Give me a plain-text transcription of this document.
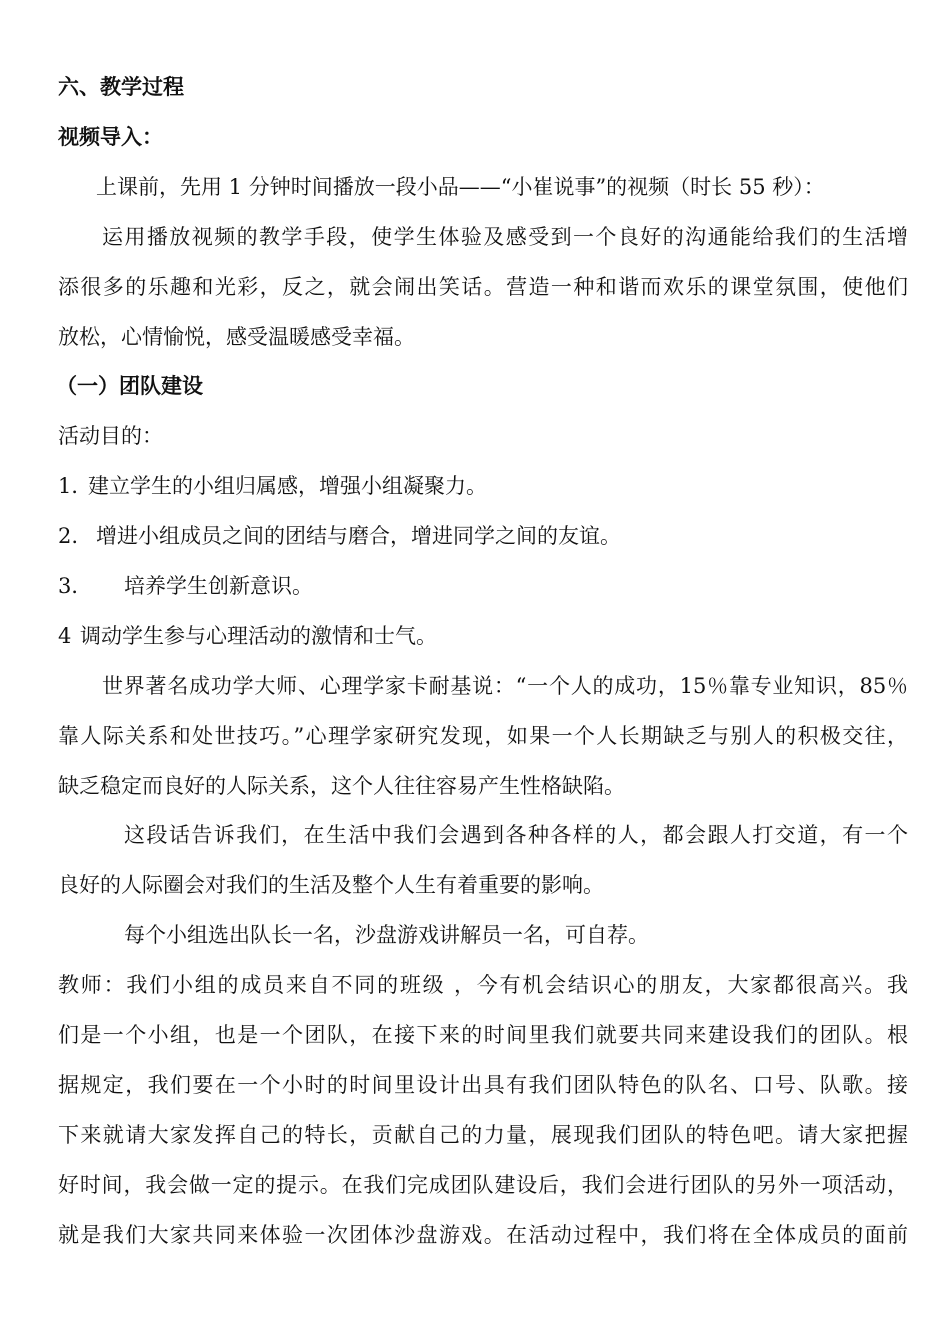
六、教学过程
视频导入：
上课前，先用 1 分钟时间播放一段小品——“小崔说事”的视频（时长 55 秒）：
运用播放视频的教学手段，使学生体验及感受到一个良好的沟通能给我们的生活增
添很多的乐趣和光彩，反之，就会闹出笑话。营造一种和谐而欢乐的课堂氛围，使他们
放松，心情愉悦，感受温暖感受幸福。
（一）团队建设
活动目的：
1．建立学生的小组归属感，增强小组凝聚力。
2. 增进小组成员之间的团结与磨合，增进同学之间的友谊。
3． 培养学生创新意识。
4 调动学生参与心理活动的激情和士气。
世界著名成功学大师、心理学家卡耐基说：“一个人的成功，15％靠专业知识，85％
靠人际关系和处世技巧。”心理学家研究发现，如果一个人长期缺乏与别人的积极交往，
缺乏稳定而良好的人际关系，这个人往往容易产生性格缺陷。
这段话告诉我们，在生活中我们会遇到各种各样的人，都会跟人打交道，有一个
良好的人际圈会对我们的生活及整个人生有着重要的影响。
每个小组选出队长一名，沙盘游戏讲解员一名，可自荐。
教师：我们小组的成员来自不同的班级 ，今有机会结识心的朋友，大家都很高兴。我
们是一个小组，也是一个团队，在接下来的时间里我们就要共同来建设我们的团队。根
据规定，我们要在一个小时的时间里设计出具有我们团队特色的队名、口号、队歌。接
下来就请大家发挥自己的特长，贡献自己的力量，展现我们团队的特色吧。请大家把握
好时间，我会做一定的提示。在我们完成团队建设后，我们会进行团队的另外一项活动，
就是我们大家共同来体验一次团体沙盘游戏。在活动过程中，我们将在全体成员的面前
